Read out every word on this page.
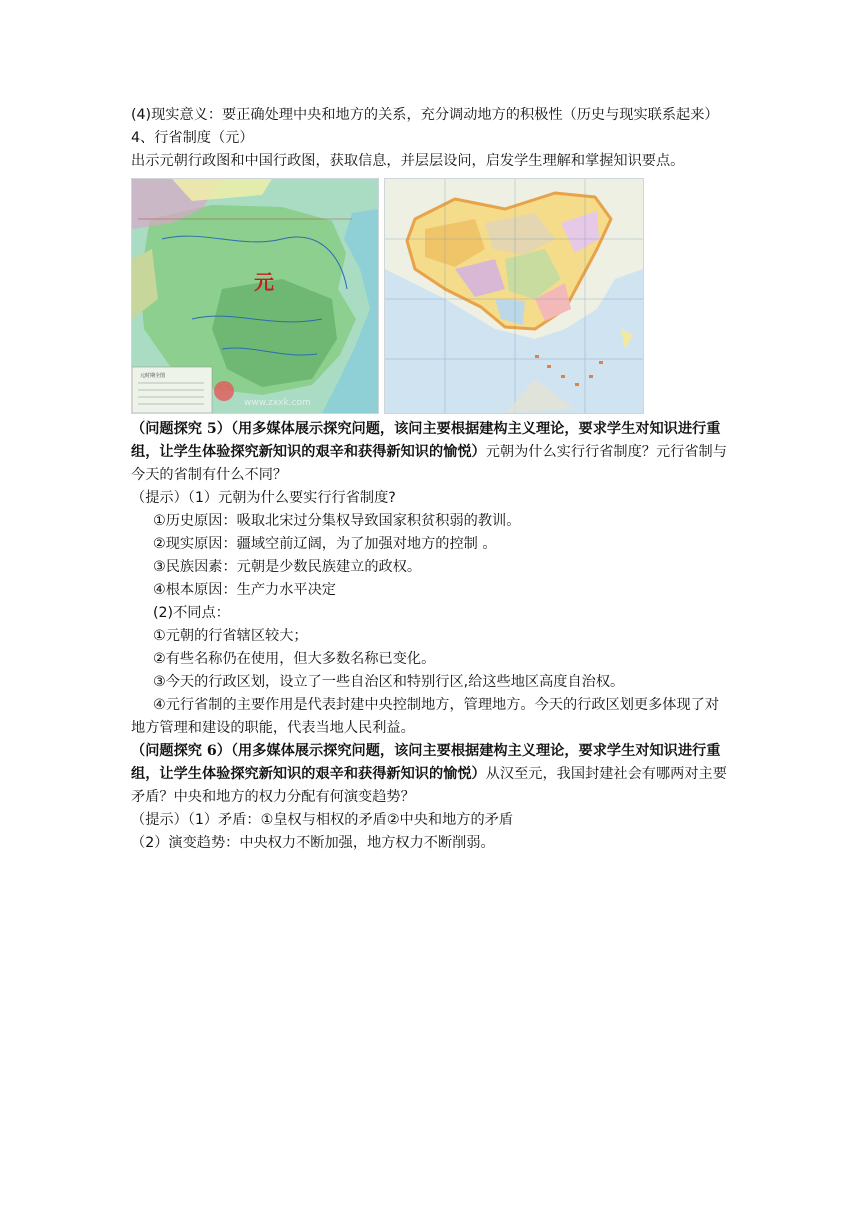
(4)现实意义：要正确处理中央和地方的关系，充分调动地方的积极性（历史与现实联系起来）

4、行省制度（元）

出示元朝行政图和中国行政图，获取信息，并层层设问，启发学生理解和掌握知识要点。

元
元时期全图
www.zxxk.com

（问题探究 5）（用多媒体展示探究问题，该问主要根据建构主义理论，要求学生对知识进行重组，让学生体验探究新知识的艰辛和获得新知识的愉悦）元朝为什么实行行省制度？元行省制与今天的省制有什么不同？

（提示）（1）元朝为什么要实行行省制度?

①历史原因：吸取北宋过分集权导致国家积贫积弱的教训。

②现实原因：疆域空前辽阔，为了加强对地方的控制 。

③民族因素：元朝是少数民族建立的政权。

④根本原因：生产力水平决定

(2)不同点：

①元朝的行省辖区较大；

②有些名称仍在使用，但大多数名称已变化。

③今天的行政区划，设立了一些自治区和特别行区,给这些地区高度自治权。

④元行省制的主要作用是代表封建中央控制地方，管理地方。今天的行政区划更多体现了对地方管理和建设的职能，代表当地人民利益。

（问题探究 6）（用多媒体展示探究问题，该问主要根据建构主义理论，要求学生对知识进行重组，让学生体验探究新知识的艰辛和获得新知识的愉悦）从汉至元，我国封建社会有哪两对主要矛盾？中央和地方的权力分配有何演变趋势？

（提示）（1）矛盾：①皇权与相权的矛盾②中央和地方的矛盾

（2）演变趋势：中央权力不断加强，地方权力不断削弱。
